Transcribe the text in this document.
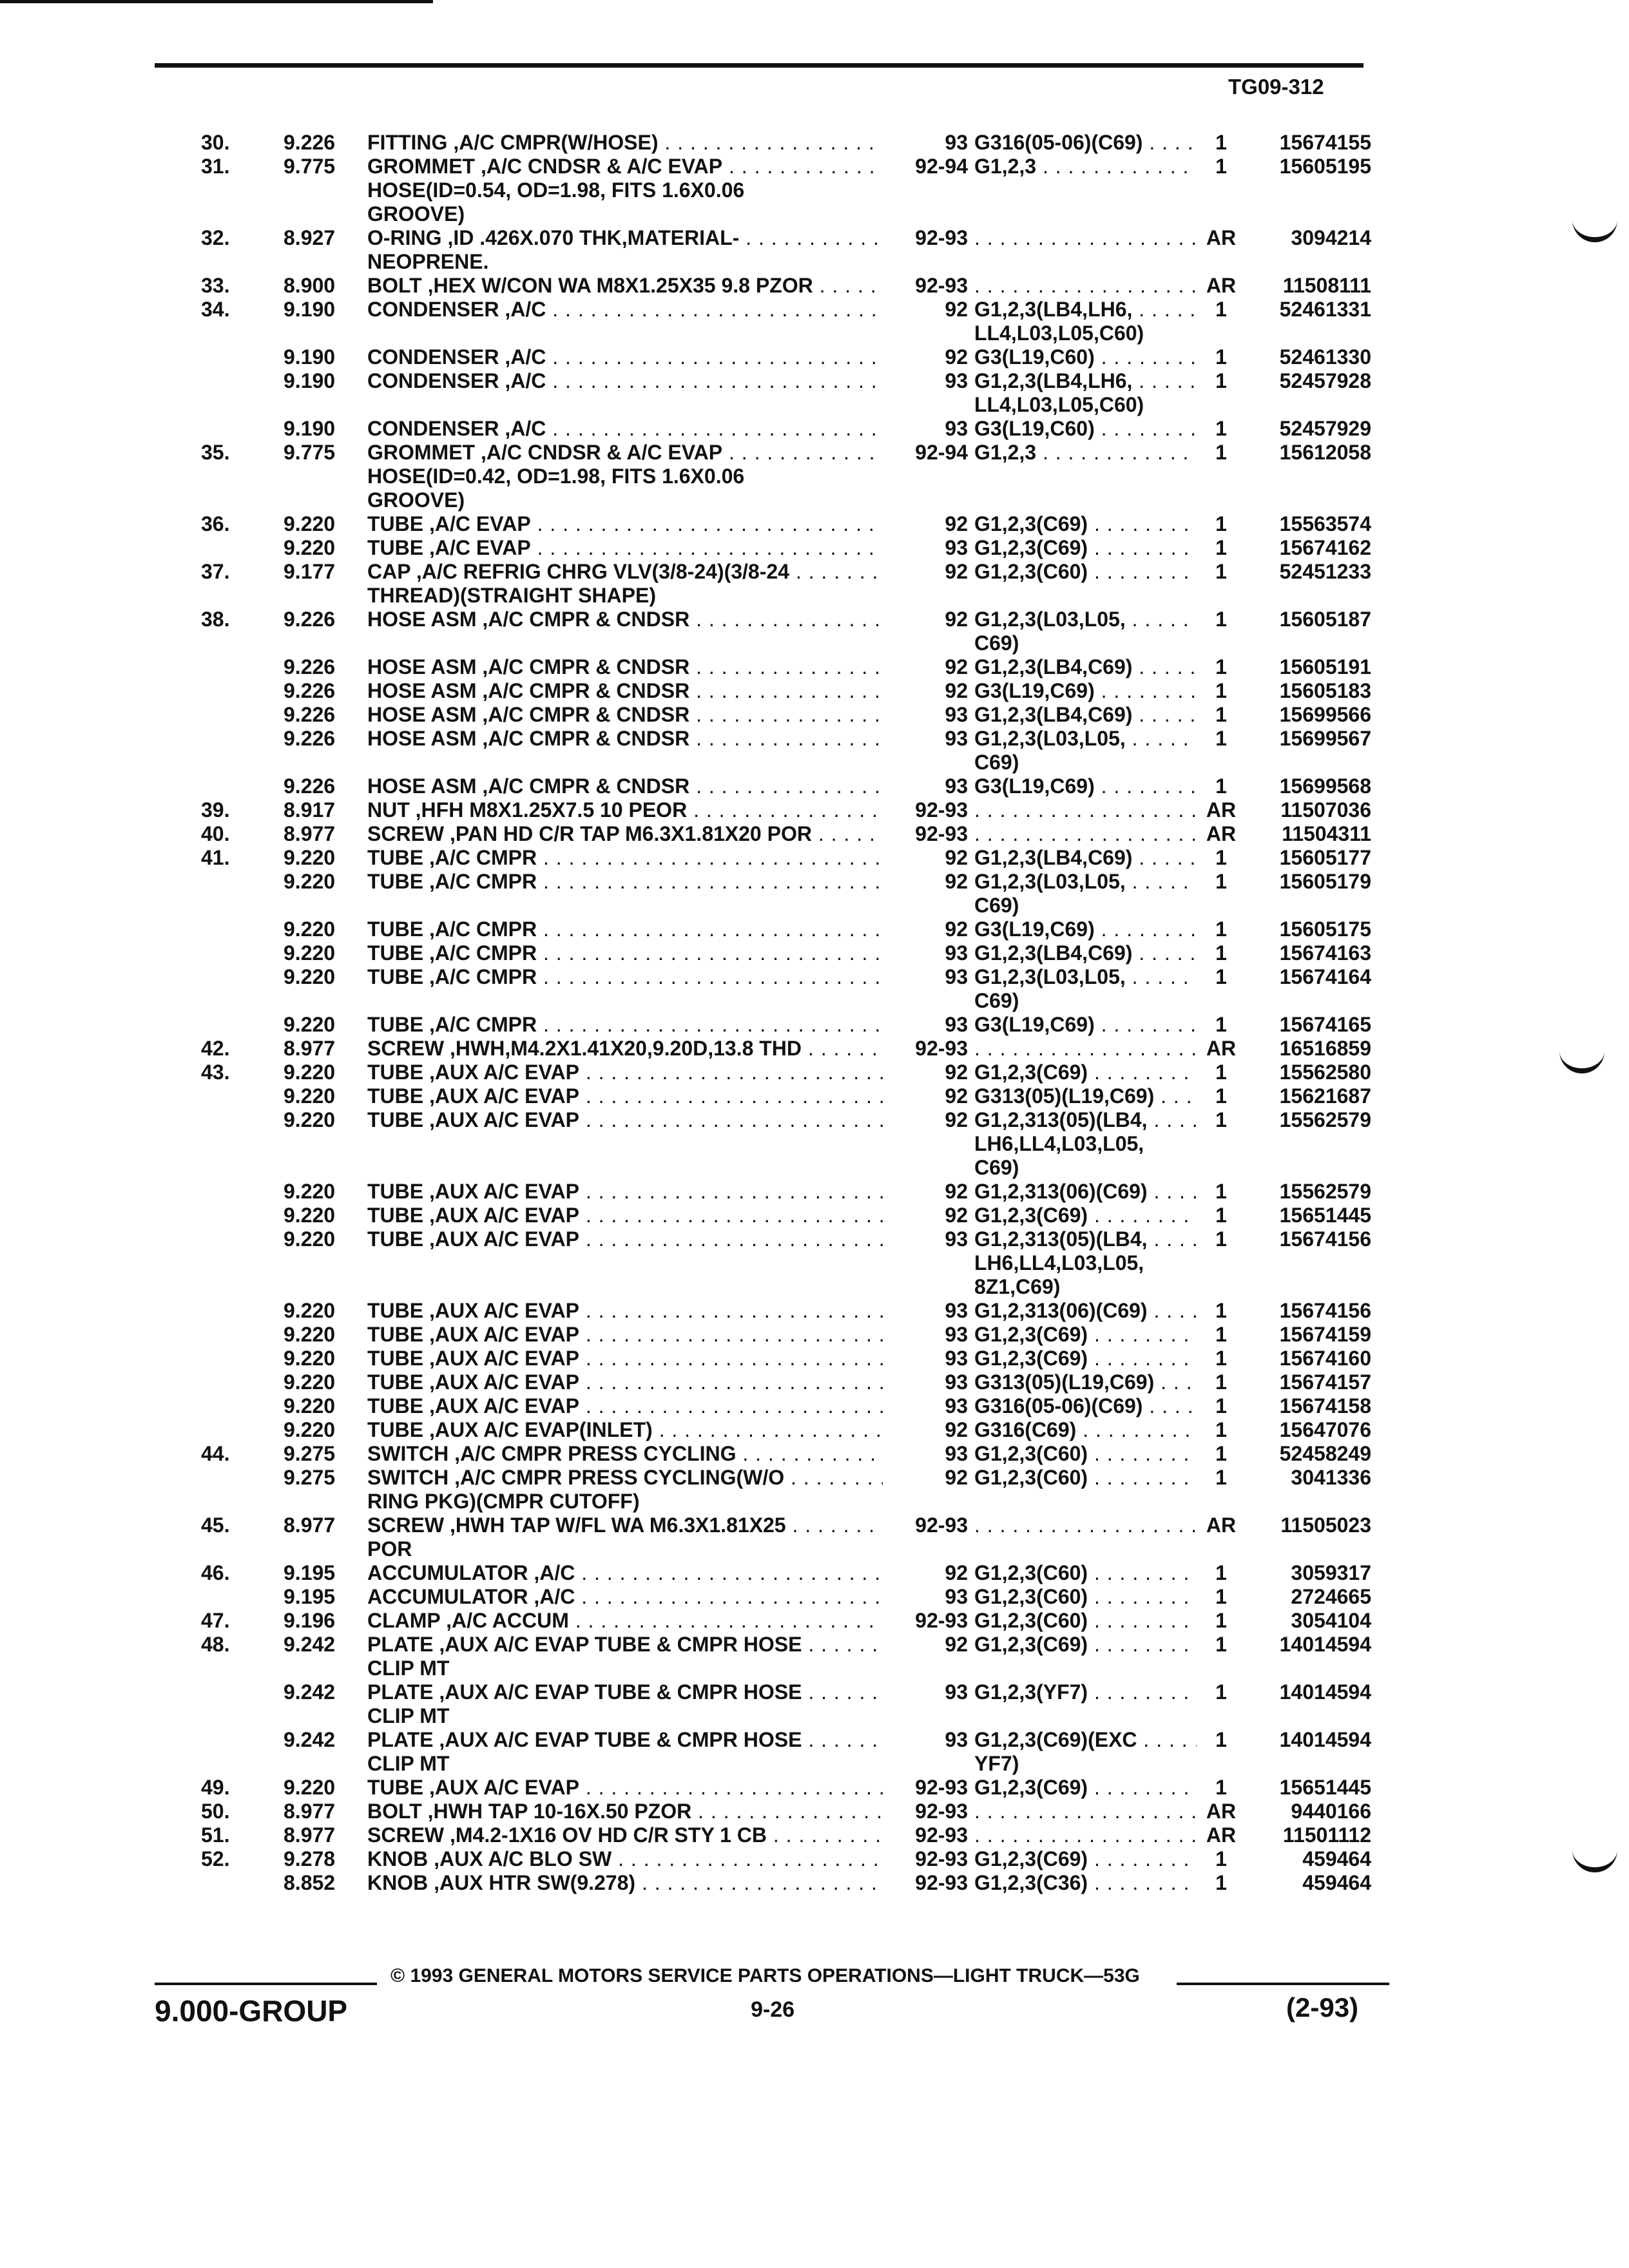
TG09-312
30.	9.226 FITTING ,A/C CMPR(W/HOSE) . . .	93 G316(05-06)(C69) . . .	1	15674155
31.	9.775 GROMMET ,A/C CNDSR & A/C EVAP . . .	92-94 G1,2,3 . . .	1	15605195
HOSE(ID=0.54, OD=1.98, FITS 1.6X0.06
GROOVE)
32.	8.927 O-RING ,ID .426X.070 THK,MATERIAL- . . .	92-93 . . .	AR	3094214
NEOPRENE.
33.	8.900 BOLT ,HEX W/CON WA M8X1.25X35 9.8 PZOR . . .	92-93 . . .	AR 11508111
34.	9.190 CONDENSER ,A/C . . .	92 G1,2,3(LB4,LH6, . . .	1	52461331
LL4,L03,L05,C60)
9.190 CONDENSER ,A/C . . .	92 G3(L19,C60) . . .	1	52461330
9.190 CONDENSER ,A/C . . .	93 G1,2,3(LB4,LH6, . . .	1	52457928
LL4,L03,L05,C60)
9.190 CONDENSER ,A/C . . .	93 G3(L19,C60) . . .	1	52457929
35.	9.775 GROMMET ,A/C CNDSR & A/C EVAP . . .	92-94 G1,2,3 . . .	1	15612058
HOSE(ID=0.42, OD=1.98, FITS 1.6X0.06
GROOVE)
36.	9.220 TUBE ,A/C EVAP . . .	92 G1,2,3(C69) . . .	1	15563574
9.220 TUBE ,A/C EVAP . . .	93 G1,2,3(C69) . . .	1	15674162
37.	9.177 CAP ,A/C REFRIG CHRG VLV(3/8-24)(3/8-24 . . .	92 G1,2,3(C60) . . .	1	52451233
THREAD)(STRAIGHT SHAPE)
38.	9.226 HOSE ASM ,A/C CMPR & CNDSR . . .	92 G1,2,3(L03,L05, . . .	1	15605187
C69)
9.226 HOSE ASM ,A/C CMPR & CNDSR . . .	92 G1,2,3(LB4,C69) . . .	1	15605191
9.226 HOSE ASM ,A/C CMPR & CNDSR . . .	92 G3(L19,C69) . . .	1	15605183
9.226 HOSE ASM ,A/C CMPR & CNDSR . . .	93 G1,2,3(LB4,C69) . . .	1	15699566
9.226 HOSE ASM ,A/C CMPR & CNDSR . . .	93 G1,2,3(L03,L05, . . .	1	15699567
C69)
9.226 HOSE ASM ,A/C CMPR & CNDSR . . .	93 G3(L19,C69) . . .	1	15699568
39.	8.917 NUT ,HFH M8X1.25X7.5 10 PEOR . . .	92-93 . . .	AR 11507036
40.	8.977 SCREW ,PAN HD C/R TAP M6.3X1.81X20 POR . . .	92-93 . . .	AR 11504311
41.	9.220 TUBE ,A/C CMPR . . .	92 G1,2,3(LB4,C69) . . .	1	15605177
9.220 TUBE ,A/C CMPR . . .	92 G1,2,3(L03,L05, . . .	1	15605179
C69)
9.220 TUBE ,A/C CMPR . . .	92 G3(L19,C69) . . .	1	15605175
9.220 TUBE ,A/C CMPR . . .	93 G1,2,3(LB4,C69) . . .	1	15674163
9.220 TUBE ,A/C CMPR . . .	93 G1,2,3(L03,L05, . . .	1	15674164
C69)
9.220 TUBE ,A/C CMPR . . .	93 G3(L19,C69) . . .	1	15674165
42.	8.977 SCREW ,HWH,M4.2X1.41X20,9.20D,13.8 THD . . .	92-93 . . .	AR 16516859
43.	9.220 TUBE ,AUX A/C EVAP . . .	92 G1,2,3(C69) . . .	1	15562580
9.220 TUBE ,AUX A/C EVAP . . .	92 G313(05)(L19,C69) . . .	1	15621687
9.220 TUBE ,AUX A/C EVAP . . .	92 G1,2,313(05)(LB4, . . .	1	15562579
LH6,LL4,L03,L05,
C69)
9.220 TUBE ,AUX A/C EVAP . . .	92 G1,2,313(06)(C69) . . .	1	15562579
9.220 TUBE ,AUX A/C EVAP . . .	92 G1,2,3(C69) . . .	1	15651445
9.220 TUBE ,AUX A/C EVAP . . .	93 G1,2,313(05)(LB4, . . .	1	15674156
LH6,LL4,L03,L05,
8Z1,C69)
9.220 TUBE ,AUX A/C EVAP . . .	93 G1,2,313(06)(C69) . . .	1	15674156
9.220 TUBE ,AUX A/C EVAP . . .	93 G1,2,3(C69) . . .	1	15674159
9.220 TUBE ,AUX A/C EVAP . . .	93 G1,2,3(C69) . . .	1	15674160
9.220 TUBE ,AUX A/C EVAP . . .	93 G313(05)(L19,C69) . . .	1	15674157
9.220 TUBE ,AUX A/C EVAP . . .	93 G316(05-06)(C69) . . .	1	15674158
9.220 TUBE ,AUX A/C EVAP(INLET) . . .	92 G316(C69) . . .	1	15647076
44.	9.275 SWITCH ,A/C CMPR PRESS CYCLING . . .	93 G1,2,3(C60) . . .	1	52458249
9.275 SWITCH ,A/C CMPR PRESS CYCLING(W/O . . .	92 G1,2,3(C60) . . .	1	3041336
RING PKG)(CMPR CUTOFF)
45.	8.977 SCREW ,HWH TAP W/FL WA M6.3X1.81X25 . . .	92-93 . . .	AR 11505023
POR
46.	9.195 ACCUMULATOR ,A/C . . .	92 G1,2,3(C60) . . .	1	3059317
9.195 ACCUMULATOR ,A/C . . .	93 G1,2,3(C60) . . .	1	2724665
47.	9.196 CLAMP ,A/C ACCUM . . .	92-93 G1,2,3(C60) . . .	1	3054104
48.	9.242 PLATE ,AUX A/C EVAP TUBE & CMPR HOSE . . .	92 G1,2,3(C69) . . .	1	14014594
CLIP MT
9.242 PLATE ,AUX A/C EVAP TUBE & CMPR HOSE . . .	93 G1,2,3(YF7) . . .	1	14014594
CLIP MT
9.242 PLATE ,AUX A/C EVAP TUBE & CMPR HOSE . . .	93 G1,2,3(C69)(EXC . . .	1	14014594
CLIP MT	YF7)
49.	9.220 TUBE ,AUX A/C EVAP . . .	92-93 G1,2,3(C69) . . .	1	15651445
50.	8.977 BOLT ,HWH TAP 10-16X.50 PZOR . . .	92-93 . . .	AR	9440166
51.	8.977 SCREW ,M4.2-1X16 OV HD C/R STY 1 CB . . .	92-93 . . .	AR 11501112
52.	9.278 KNOB ,AUX A/C BLO SW . . .	92-93 G1,2,3(C69) . . .	1	459464
8.852 KNOB ,AUX HTR SW(9.278) . . .	92-93 G1,2,3(C36) . . .	1	459464
© 1993 GENERAL MOTORS SERVICE PARTS OPERATIONS—LIGHT TRUCK—53G
9.000-GROUP	9-26	(2-93)
